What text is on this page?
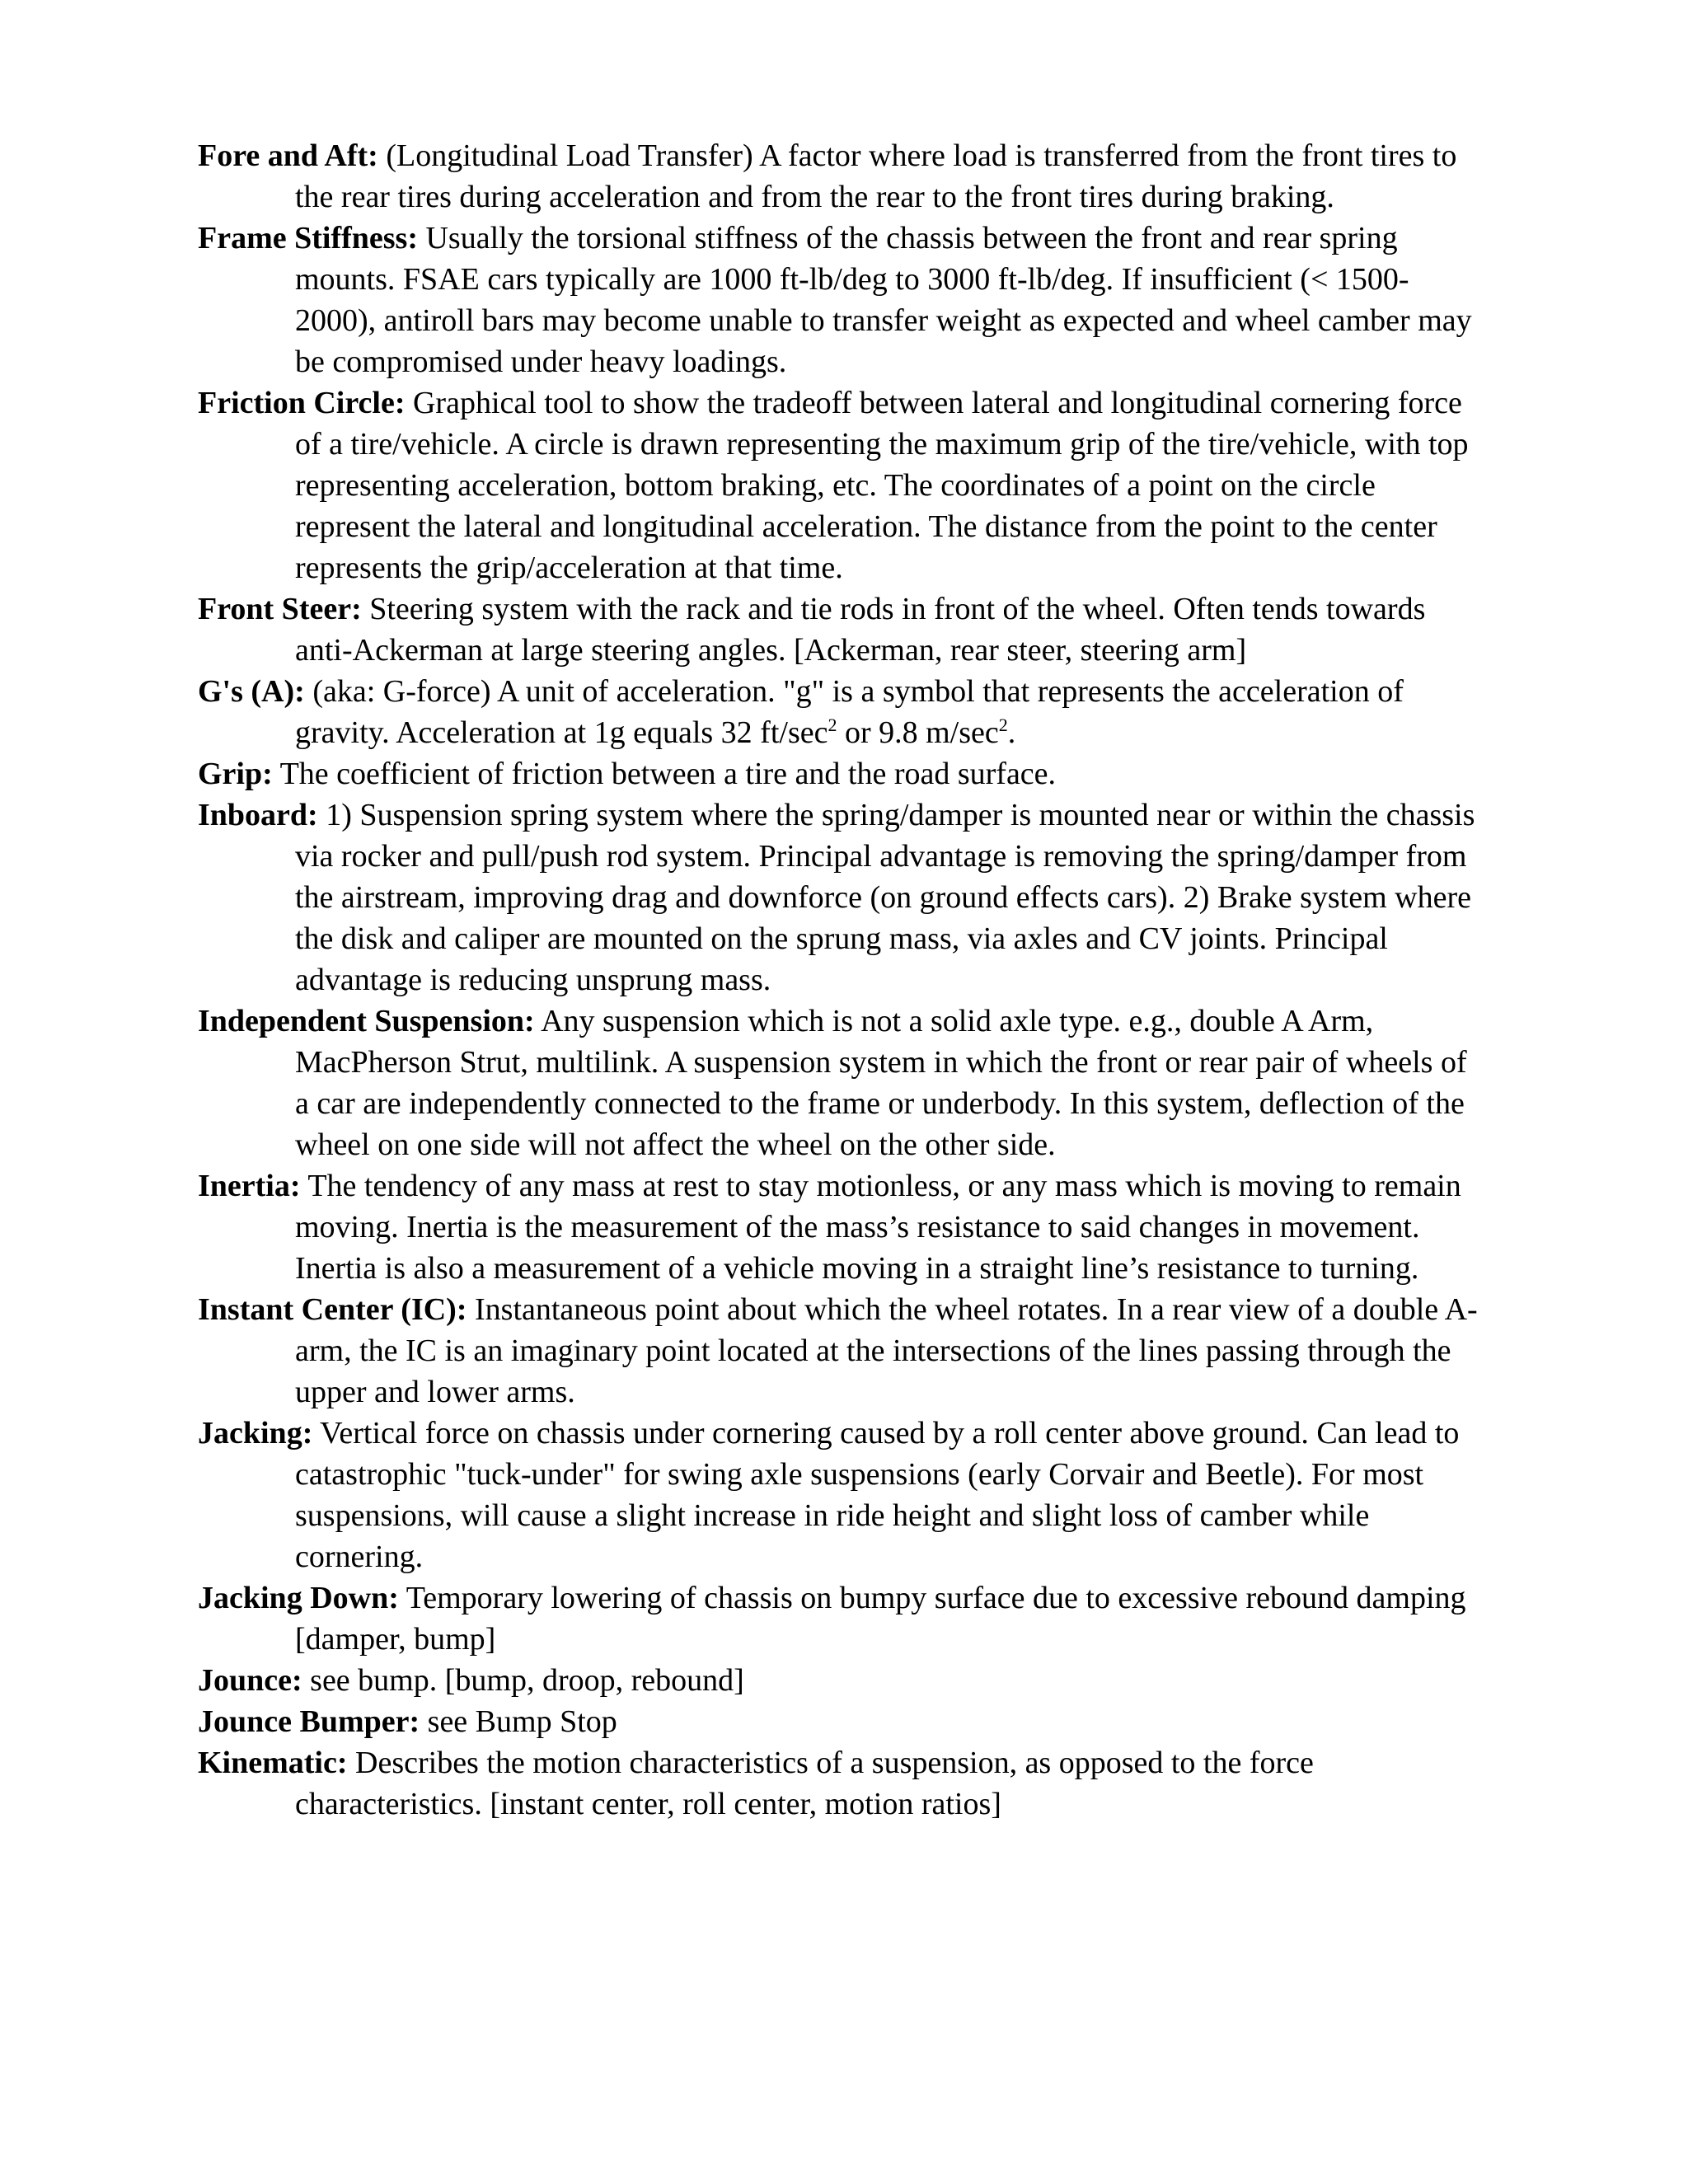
Fore and Aft: (Longitudinal Load Transfer) A factor where load is transferred from the front tires to the rear tires during acceleration and from the rear to the front tires during braking.

Frame Stiffness: Usually the torsional stiffness of the chassis between the front and rear spring mounts. FSAE cars typically are 1000 ft-lb/deg to 3000 ft-lb/deg. If insufficient (< 1500-2000), antiroll bars may become unable to transfer weight as expected and wheel camber may be compromised under heavy loadings.

Friction Circle: Graphical tool to show the tradeoff between lateral and longitudinal cornering force of a tire/vehicle. A circle is drawn representing the maximum grip of the tire/vehicle, with top representing acceleration, bottom braking, etc. The coordinates of a point on the circle represent the lateral and longitudinal acceleration. The distance from the point to the center represents the grip/acceleration at that time.

Front Steer: Steering system with the rack and tie rods in front of the wheel. Often tends towards anti-Ackerman at large steering angles. [Ackerman, rear steer, steering arm]

G's (A): (aka: G-force) A unit of acceleration. "g" is a symbol that represents the acceleration of gravity. Acceleration at 1g equals 32 $ft/\sec^2$ or 9.8 $m/\sec^2$.

Grip: The coefficient of friction between a tire and the road surface.

Inboard: 1) Suspension spring system where the spring/damper is mounted near or within the chassis via rocker and pull/push rod system. Principal advantage is removing the spring/damper from the airstream, improving drag and downforce (on ground effects cars). 2) Brake system where the disk and caliper are mounted on the sprung mass, via axles and CV joints. Principal advantage is reducing unsprung mass.

Independent Suspension: Any suspension which is not a solid axle type. e.g., double A Arm, MacPherson Strut, multilink. A suspension system in which the front or rear pair of wheels of a car are independently connected to the frame or underbody. In this system, deflection of the wheel on one side will not affect the wheel on the other side.

Inertia: The tendency of any mass at rest to stay motionless, or any mass which is moving to remain moving. Inertia is the measurement of the mass’s resistance to said changes in movement. Inertia is also a measurement of a vehicle moving in a straight line’s resistance to turning.

Instant Center (IC): Instantaneous point about which the wheel rotates. In a rear view of a double A-arm, the IC is an imaginary point located at the intersections of the lines passing through the upper and lower arms.

Jacking: Vertical force on chassis under cornering caused by a roll center above ground. Can lead to catastrophic "tuck-under" for swing axle suspensions (early Corvair and Beetle). For most suspensions, will cause a slight increase in ride height and slight loss of camber while cornering.

Jacking Down: Temporary lowering of chassis on bumpy surface due to excessive rebound damping [damper, bump]

Jounce: see bump. [bump, droop, rebound]

Jounce Bumper: see Bump Stop

Kinematic: Describes the motion characteristics of a suspension, as opposed to the force characteristics. [instant center, roll center, motion ratios]
